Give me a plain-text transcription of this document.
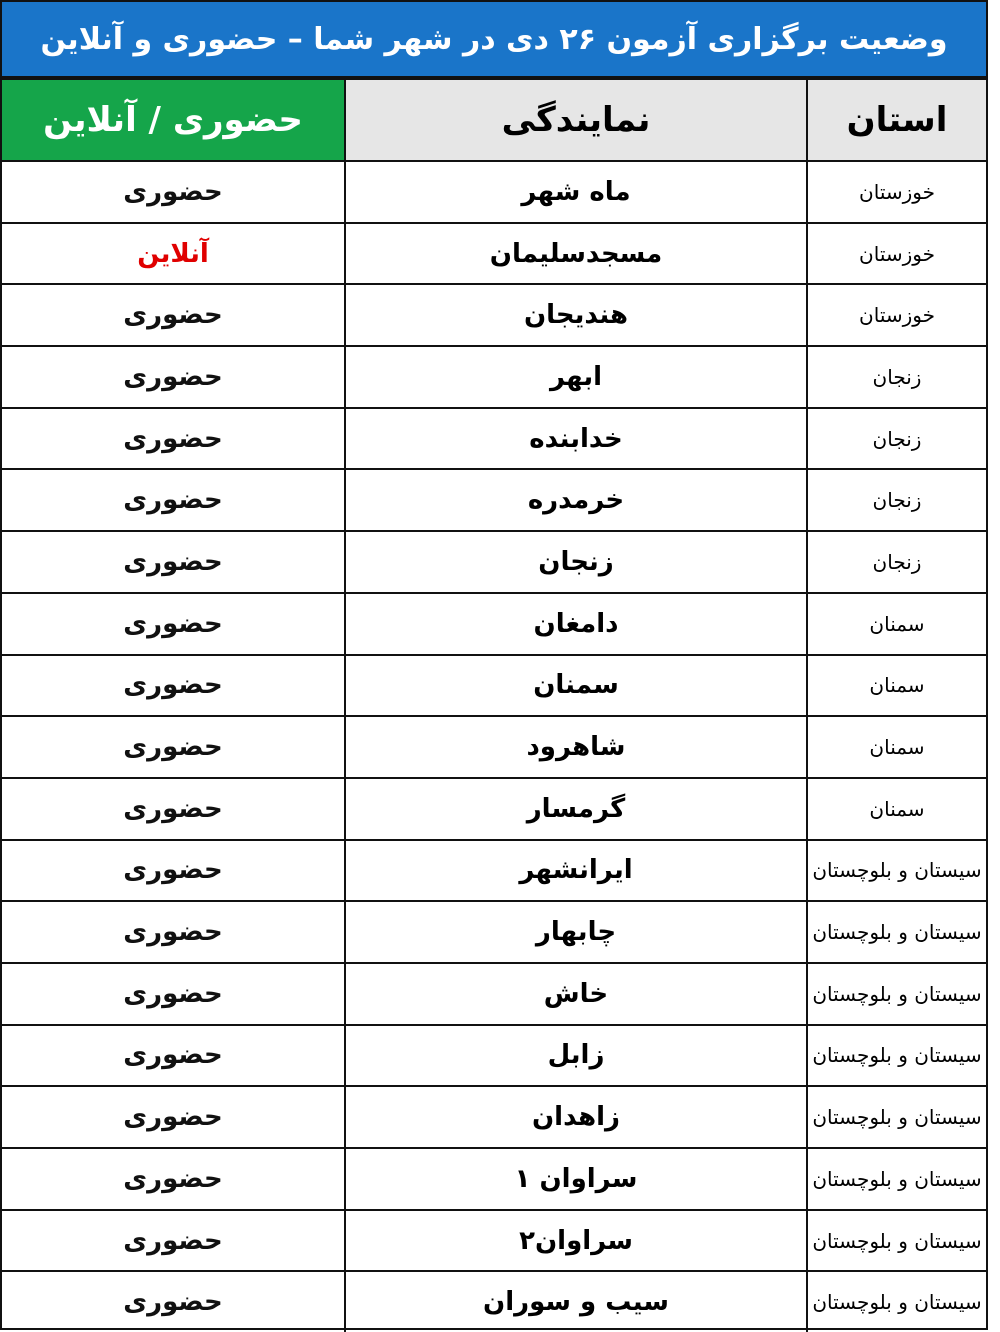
وضعیت برگزاری آزمون ۲۶ دی در شهر شما – حضوری و آنلاین
استان	نمایندگی	حضوری / آنلاین
خوزستان	ماه شهر	حضوری
خوزستان	مسجدسلیمان	آنلاین
خوزستان	هندیجان	حضوری
زنجان	ابهر	حضوری
زنجان	خدابنده	حضوری
زنجان	خرمدره	حضوری
زنجان	زنجان	حضوری
سمنان	دامغان	حضوری
سمنان	سمنان	حضوری
سمنان	شاهرود	حضوری
سمنان	گرمسار	حضوری
سیستان و بلوچستان	ایرانشهر	حضوری
سیستان و بلوچستان	چابهار	حضوری
سیستان و بلوچستان	خاش	حضوری
سیستان و بلوچستان	زابل	حضوری
سیستان و بلوچستان	زاهدان	حضوری
سیستان و بلوچستان	سراوان ۱	حضوری
سیستان و بلوچستان	سراوان۲	حضوری
سیستان و بلوچستان	سیب و سوران	حضوری
